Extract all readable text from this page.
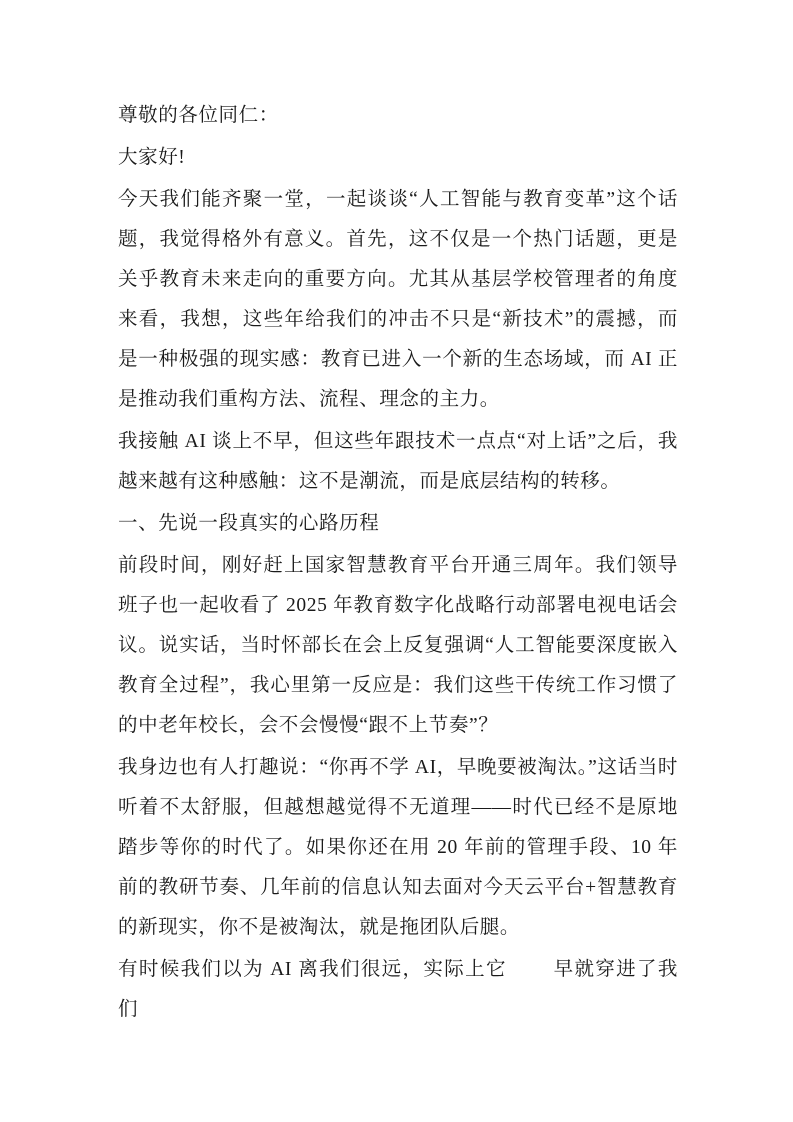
尊敬的各位同仁：

大家好!

今天我们能齐聚一堂，一起谈谈“人工智能与教育变革”这个话题，我觉得格外有意义。首先，这不仅是一个热门话题，更是关乎教育未来走向的重要方向。尤其从基层学校管理者的角度来看，我想，这些年给我们的冲击不只是“新技术”的震撼，而是一种极强的现实感：教育已进入一个新的生态场域，而 AI 正是推动我们重构方法、流程、理念的主力。

我接触 AI 谈上不早，但这些年跟技术一点点“对上话”之后，我越来越有这种感触：这不是潮流，而是底层结构的转移。

一、先说一段真实的心路历程

前段时间，刚好赶上国家智慧教育平台开通三周年。我们领导班子也一起收看了 2025 年教育数字化战略行动部署电视电话会议。说实话，当时怀部长在会上反复强调“人工智能要深度嵌入教育全过程”，我心里第一反应是：我们这些干传统工作习惯了的中老年校长，会不会慢慢“跟不上节奏”？

我身边也有人打趣说：“你再不学 AI，早晚要被淘汰。”这话当时听着不太舒服，但越想越觉得不无道理——时代已经不是原地踏步等你的时代了。如果你还在用 20 年前的管理手段、10 年前的教研节奏、几年前的信息认知去面对今天云平台+智慧教育的新现实，你不是被淘汰，就是拖团队后腿。

有时候我们以为 AI 离我们很远，实际上它 早就穿进了我们
